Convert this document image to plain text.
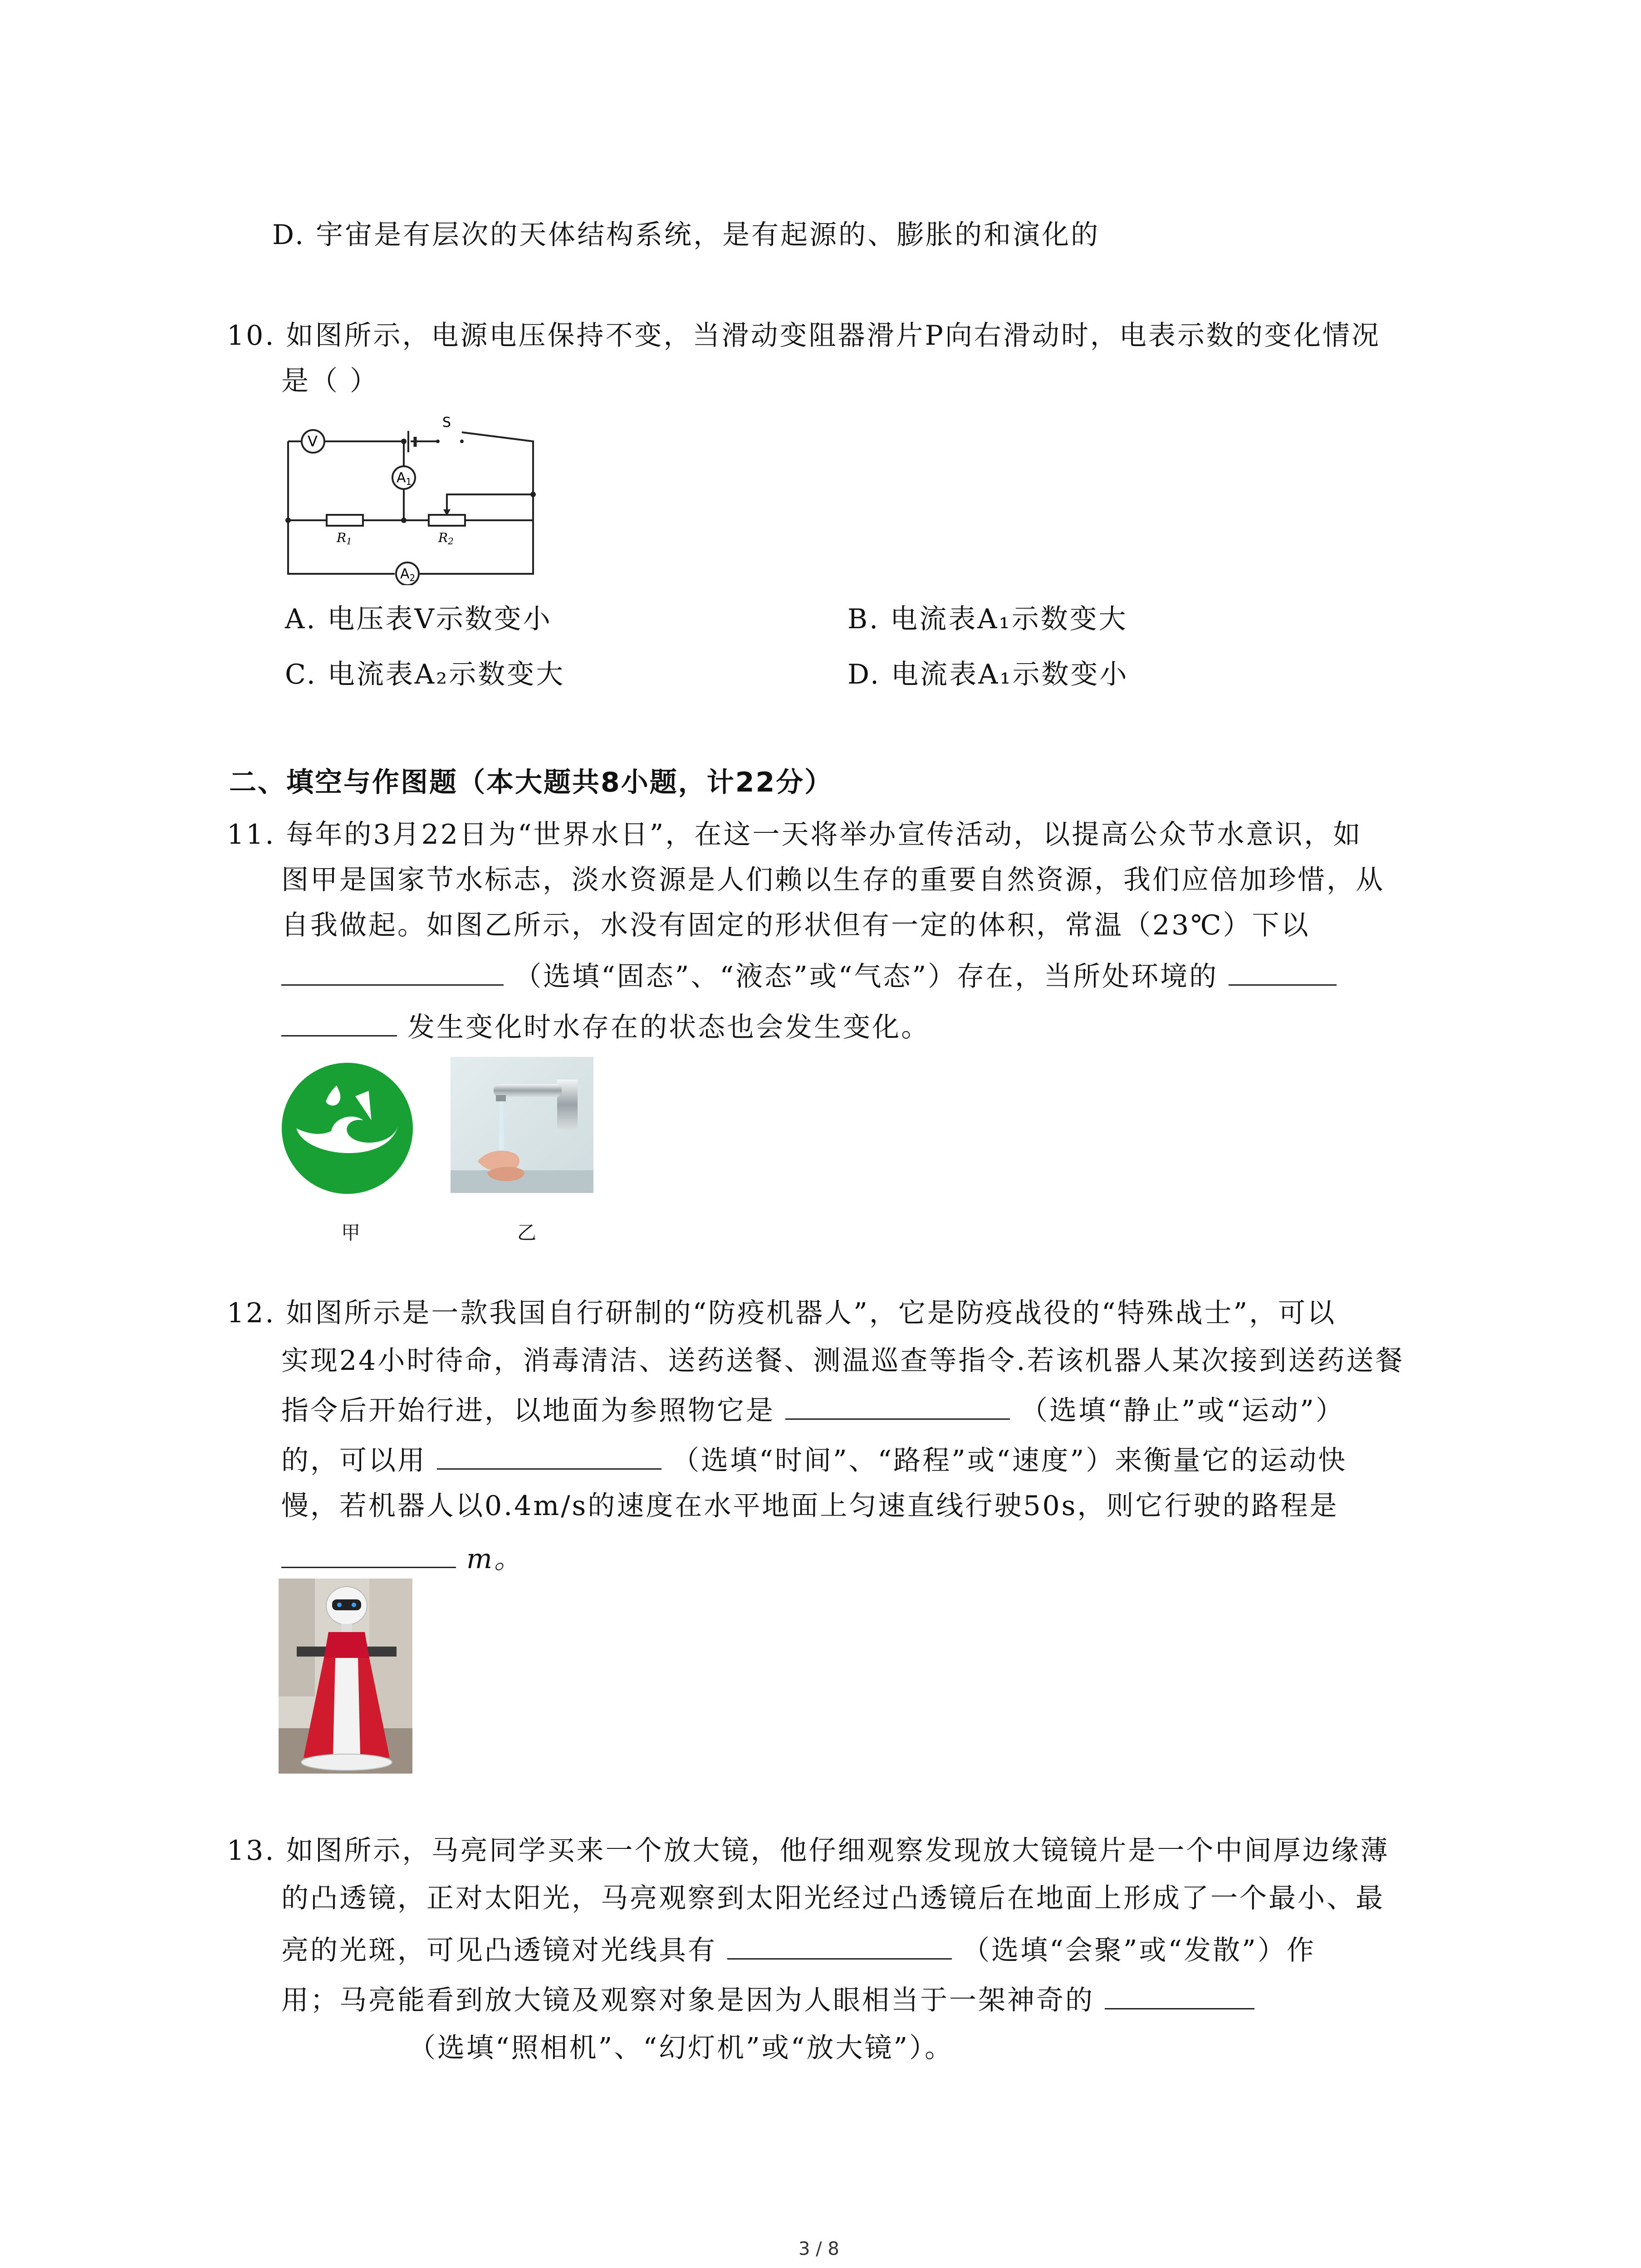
D. 宇宙是有层次的天体结构系统，是有起源的、膨胀的和演化的
10. 如图所示，电源电压保持不变，当滑动变阻器滑片P向右滑动时，电表示数的变化情况
是（ ）
S
V
$A_1$
$A_2$
R1	R2
A. 电压表V示数变小	B. 电流表A₁示数变大
C. 电流表A₂示数变大	D. 电流表A₁示数变小
二、填空与作图题（本大题共8小题，计22分）
11. 每年的3月22日为“世界水日”，在这一天将举办宣传活动，以提高公众节水意识，如
图甲是国家节水标志，淡水资源是人们赖以生存的重要自然资源，我们应倍加珍惜，从
自我做起。如图乙所示，水没有固定的形状但有一定的体积，常温（23℃）下以
（选填“固态”、“液态”或“气态”）存在，当所处环境的
发生变化时水存在的状态也会发生变化。
甲	乙
12. 如图所示是一款我国自行研制的“防疫机器人”，它是防疫战役的“特殊战士”，可以
实现24小时待命，消毒清洁、送药送餐、测温巡查等指令.若该机器人某次接到送药送餐
指令后开始行进，以地面为参照物它是	（选填“静止”或“运动”）
的，可以用	（选填“时间”、“路程”或“速度”）来衡量它的运动快
慢，若机器人以0.4m/s的速度在水平地面上匀速直线行驶50s，则它行驶的路程是
m。
13. 如图所示，马亮同学买来一个放大镜，他仔细观察发现放大镜镜片是一个中间厚边缘薄
的凸透镜，正对太阳光，马亮观察到太阳光经过凸透镜后在地面上形成了一个最小、最
亮的光斑，可见凸透镜对光线具有	（选填“会聚”或“发散”）作
用；马亮能看到放大镜及观察对象是因为人眼相当于一架神奇的
（选填“照相机”、“幻灯机”或“放大镜”）。
3 / 8
